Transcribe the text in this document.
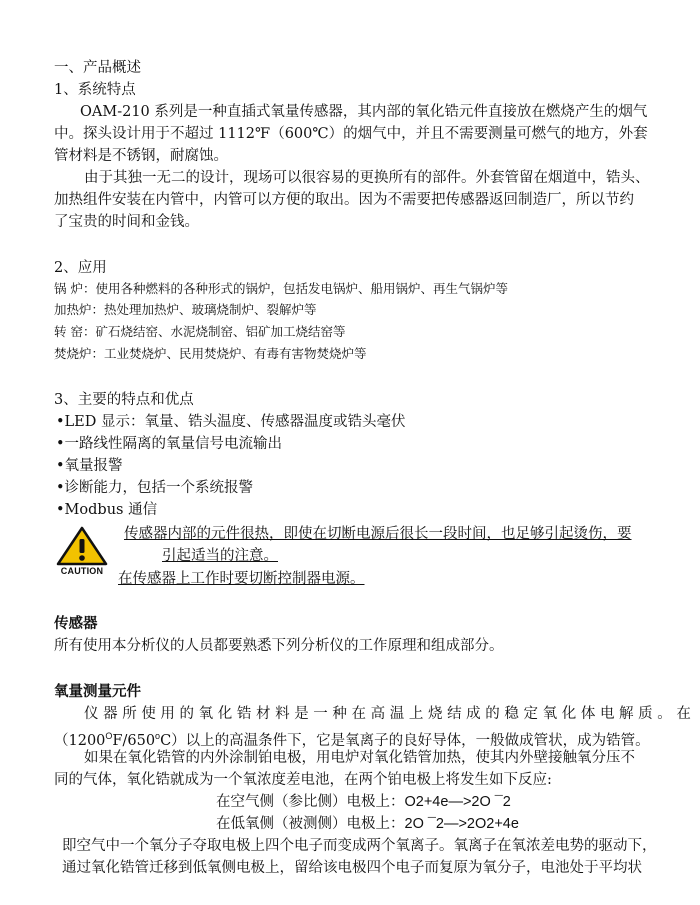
一、产品概述
1、系统特点
OAM-210 系列是一种直插式氧量传感器，其内部的氧化锆元件直接放在燃烧产生的烟气
中。探头设计用于不超过 1112℉（600℃）的烟气中，并且不需要测量可燃气的地方，外套
管材料是不锈钢，耐腐蚀。
由于其独一无二的设计，现场可以很容易的更换所有的部件。外套管留在烟道中，锆头、
加热组件安装在内管中，内管可以方便的取出。因为不需要把传感器返回制造厂，所以节约
了宝贵的时间和金钱。
2、应用
锅 炉：使用各种燃料的各种形式的锅炉，包括发电锅炉、船用锅炉、再生气锅炉等
加热炉：热处理加热炉、玻璃烧制炉、裂解炉等
转 窑：矿石烧结窑、水泥烧制窑、铝矿加工烧结窑等
焚烧炉：工业焚烧炉、民用焚烧炉、有毒有害物焚烧炉等
3、主要的特点和优点
•LED 显示：氧量、锆头温度、传感器温度或锆头毫伏
•一路线性隔离的氧量信号电流输出
•氧量报警
•诊断能力，包括一个系统报警
•Modbus 通信
CAUTION
传感器内部的元件很热，即使在切断电源后很长一段时间，也足够引起烫伤，要
引起适当的注意。
在传感器上工作时要切断控制器电源。
传感器
所有使用本分析仪的人员都要熟悉下列分析仪的工作原理和组成部分。
氧量测量元件
仪 器 所 使 用 的 氧 化 锆 材 料 是 一 种 在 高 温 上 烧 结 成 的 稳 定 氧 化 体 电 解 质 。 在
$(1200^OF/650^oC)$以上的高温条件下，它是氧离子的良好导体，一般做成管状，成为锆管。
如果在氧化锆管的内外涂制铂电极，用电炉对氧化锆管加热，使其内外壁接触氧分压不
同的气体，氧化锆就成为一个氧浓度差电池，在两个铂电极上将发生如下反应:
在空气侧（参比侧）电极上：O2+4e—>2O ¯2
在低氧侧（被测侧）电极上：2O ¯2—>2O2+4e
即空气中一个氧分子夺取电极上四个电子而变成两个氧离子。氧离子在氧浓差电势的驱动下，
通过氧化锆管迁移到低氧侧电极上，留给该电极四个电子而复原为氧分子，电池处于平均状
